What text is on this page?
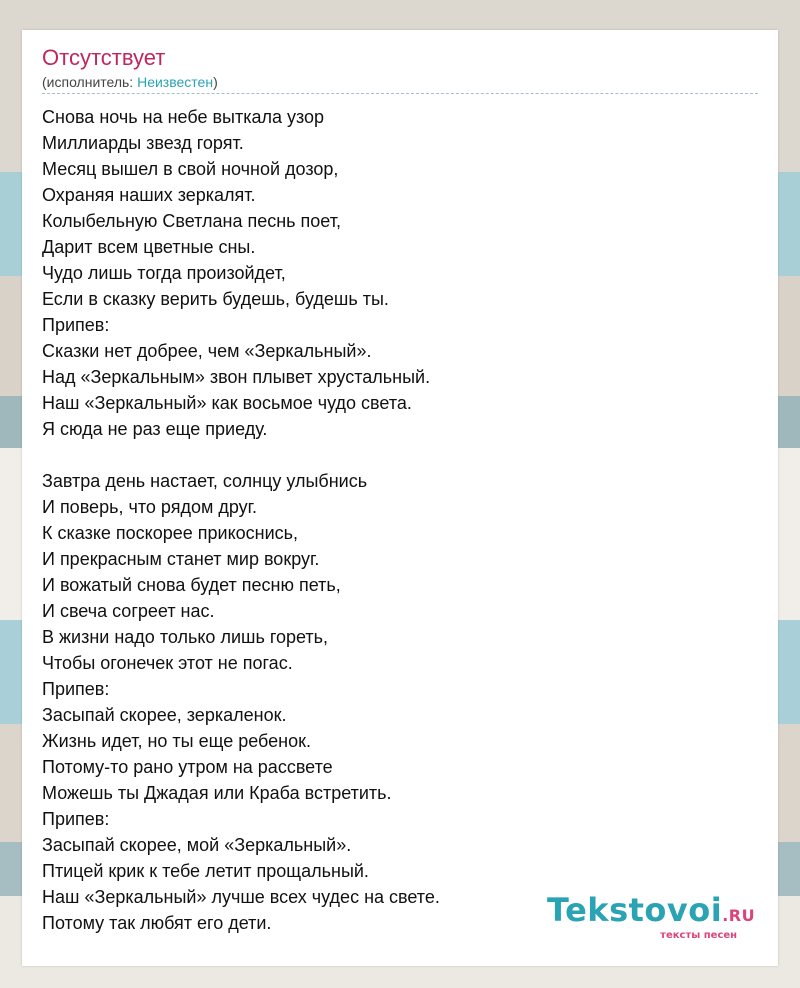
Отсутствует
(исполнитель: Неизвестен)
Снова ночь на небе выткала узор
Миллиарды звезд горят.
Месяц вышел в свой ночной дозор,
Охраняя наших зеркалят.
Колыбельную Светлана песнь поет,
Дарит всем цветные сны.
Чудо лишь тогда произойдет,
Если в сказку верить будешь, будешь ты.
Припев:
Сказки нет добрее, чем «Зеркальный».
Над «Зеркальным» звон плывет хрустальный.
Наш «Зеркальный» как восьмое чудо света.
Я сюда не раз еще приеду.
Завтра день настает, солнцу улыбнись
И поверь, что рядом друг.
К сказке поскорее прикоснись,
И прекрасным станет мир вокруг.
И вожатый снова будет песню петь,
И свеча согреет нас.
В жизни надо только лишь гореть,
Чтобы огонечек этот не погас.
Припев:
Засыпай скорее, зеркаленок.
Жизнь идет, но ты еще ребенок.
Потому-то рано утром на рассвете
Можешь ты Джадая или Краба встретить.
Припев:
Засыпай скорее, мой «Зеркальный».
Птицей крик к тебе летит прощальный.
Наш «Зеркальный» лучше всех чудес на свете.
Потому так любят его дети.	Tekstovoi.RU
тексты песен
